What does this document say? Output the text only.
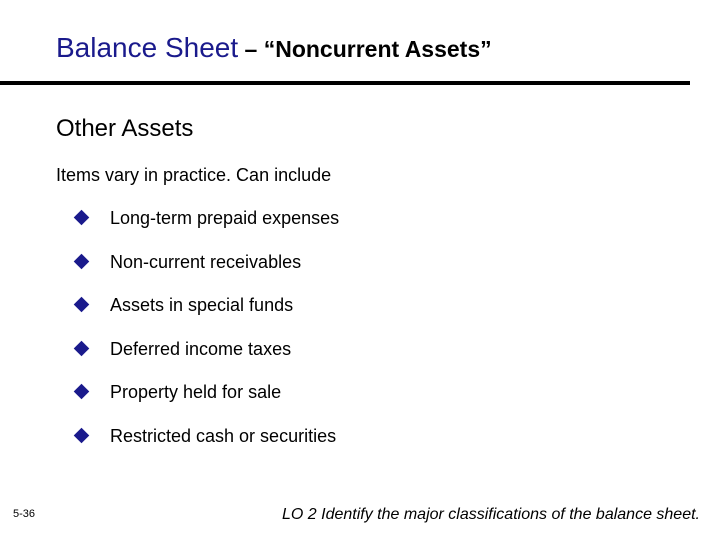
Balance Sheet – “Noncurrent Assets”
Other Assets
Items vary in practice. Can include
Long-term prepaid expenses
Non-current receivables
Assets in special funds
Deferred income taxes
Property held for sale
Restricted cash or securities
5-36	LO 2 Identify the major classifications of the balance sheet.
